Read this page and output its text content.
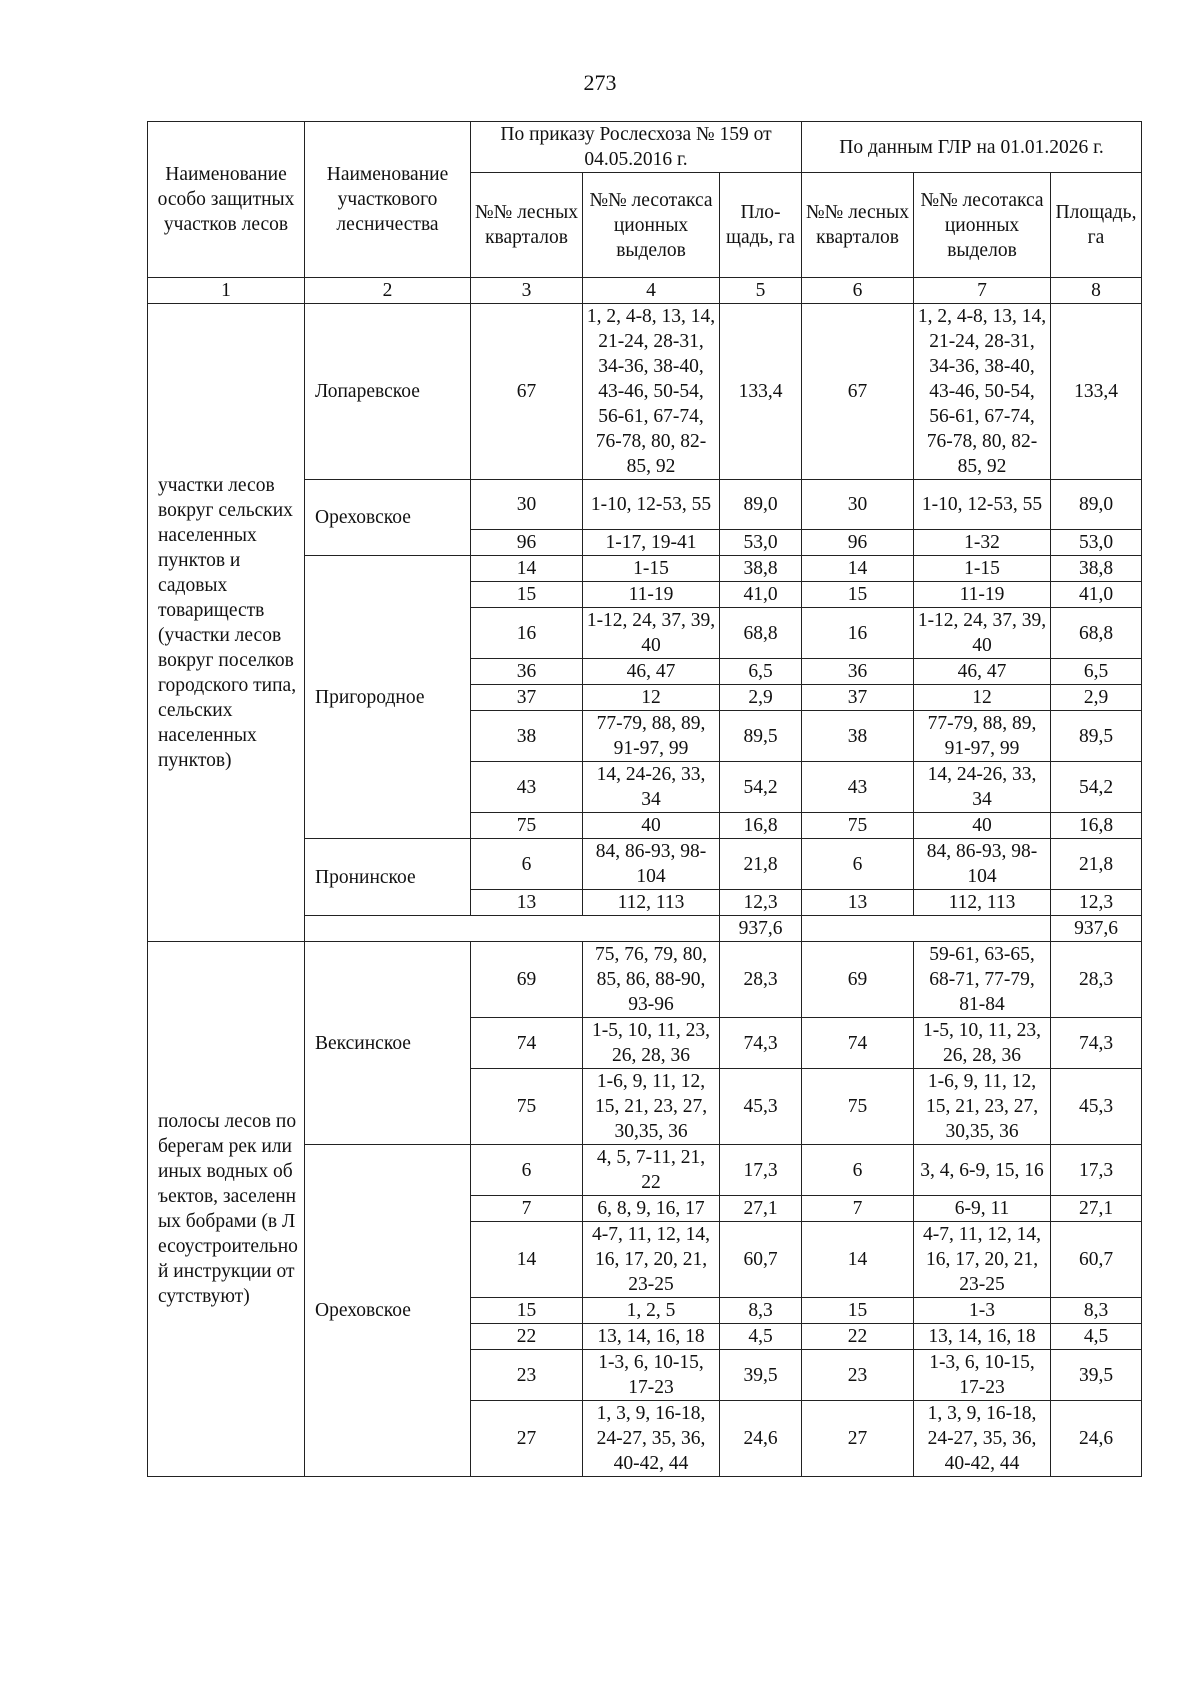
273
Наименование особо защитных участков лесов	Наименование участкового лесничества	По приказу Рослесхоза № 159 от 04.05.2016 г.			По данным ГЛР на 01.01.2026 г.		
		№№ лесных кварталов	№№ лесотакса ционных выделов	Пло-щадь, га	№№ лесных кварталов	№№ лесотакса ционных выделов	Площадь, га
1	2	3	4	5	6	7	8
участки лесов вокруг сельских населенных пунктов и садовых товариществ (участки лесов вокруг поселков городского типа, сельских населенных пунктов)	Лопаревское	67	1, 2, 4-8, 13, 14, 21-24, 28-31, 34-36, 38-40, 43-46, 50-54, 56-61, 67-74, 76-78, 80, 82-85, 92	133,4	67	1, 2, 4-8, 13, 14, 21-24, 28-31, 34-36, 38-40, 43-46, 50-54, 56-61, 67-74, 76-78, 80, 82-85, 92	133,4
	Ореховское	30	1-10, 12-53, 55	89,0	30	1-10, 12-53, 55	89,0
		96	1-17, 19-41	53,0	96	1-32	53,0
	Пригородное	14	1-15	38,8	14	1-15	38,8
		15	11-19	41,0	15	11-19	41,0
		16	1-12, 24, 37, 39, 40	68,8	16	1-12, 24, 37, 39, 40	68,8
		36	46, 47	6,5	36	46, 47	6,5
		37	12	2,9	37	12	2,9
		38	77-79, 88, 89, 91-97, 99	89,5	38	77-79, 88, 89, 91-97, 99	89,5
		43	14, 24-26, 33, 34	54,2	43	14, 24-26, 33, 34	54,2
		75	40	16,8	75	40	16,8
	Пронинское	6	84, 86-93, 98-104	21,8	6	84, 86-93, 98-104	21,8
		13	112, 113	12,3	13	112, 113	12,3
				937,6			937,6
полосы лесов по берегам рек или иных водных объектов, заселенных бобрами (в Лесоустроительной инструкции отсутствуют)	Вексинское	69	75, 76, 79, 80, 85, 86, 88-90, 93-96	28,3	69	59-61, 63-65, 68-71, 77-79, 81-84	28,3
		74	1-5, 10, 11, 23, 26, 28, 36	74,3	74	1-5, 10, 11, 23, 26, 28, 36	74,3
		75	1-6, 9, 11, 12, 15, 21, 23, 27, 30,35, 36	45,3	75	1-6, 9, 11, 12, 15, 21, 23, 27, 30,35, 36	45,3
	Ореховское	6	4, 5, 7-11, 21, 22	17,3	6	3, 4, 6-9, 15, 16	17,3
		7	6, 8, 9, 16, 17	27,1	7	6-9, 11	27,1
		14	4-7, 11, 12, 14, 16, 17, 20, 21, 23-25	60,7	14	4-7, 11, 12, 14, 16, 17, 20, 21, 23-25	60,7
		15	1, 2, 5	8,3	15	1-3	8,3
		22	13, 14, 16, 18	4,5	22	13, 14, 16, 18	4,5
		23	1-3, 6, 10-15, 17-23	39,5	23	1-3, 6, 10-15, 17-23	39,5
		27	1, 3, 9, 16-18, 24-27, 35, 36, 40-42, 44	24,6	27	1, 3, 9, 16-18, 24-27, 35, 36, 40-42, 44	24,6
